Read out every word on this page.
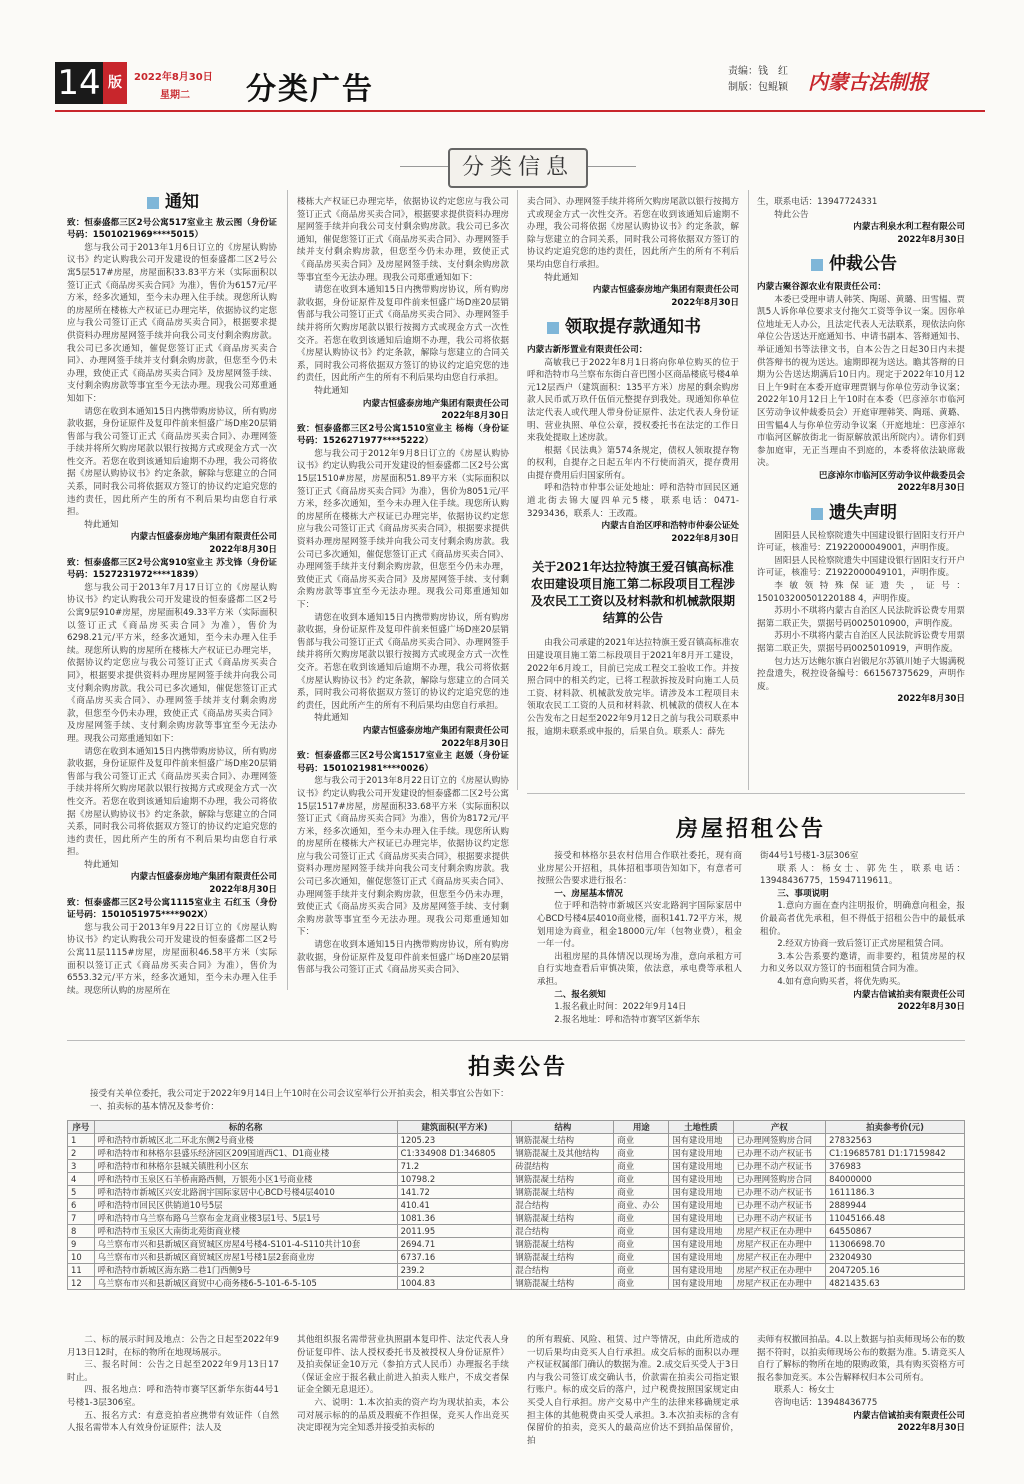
14 版	2022年8月30日
星期二 分类广告
责编：钱　红
制版：包鲲颖 内蒙古法制报
分类信息
通知

致：恒泰盛都三区2号公寓517室业主 敖云图（身份证号码：1501021969****5015）

您与我公司于2013年1月6日订立的《房屋认购协议书》约定认购我公司开发建设的恒泰盛都二区2号公寓5层517#房屋，房屋面积33.83平方米（实际面积以签订正式《商品房买卖合同》为准），售价为6157元/平方米，经多次通知，至今未办理入住手续。现您所认购的房屋所在楼栋大产权证已办理完毕，依据协议约定您应与我公司签订正式《商品房买卖合同》，根据要求提供资料办理房屋网签手续并向我公司支付剩余购房款。我公司已多次通知，催促您签订正式《商品房买卖合同》、办理网签手续并支付剩余购房款，但您至今仍未办理，致使正式《商品房买卖合同》及房屋网签手续、支付剩余购房款等事宜至今无法办理。现我公司郑重通知如下：

请您在收到本通知15日内携带购房协议，所有购房款收据，身份证原件及复印件前来恒盛广场D座20层销售部与我公司签订正式《商品房买卖合同》、办理网签手续并将所欠购房尾款以银行按揭方式或现金方式一次性交齐。若您在收到该通知后逾期不办理，我公司将依据《房屋认购协议书》约定条款，解除与您建立的合同关系，同时我公司将依据双方签订的协议约定追究您的违约责任，因此所产生的所有不利后果均由您自行承担。

特此通知

内蒙古恒盛泰房地产集团有限责任公司

2022年8月30日

致：恒泰盛都三区2号公寓910室业主 苏戈锋（身份证号码：1527231972****1839）

您与我公司于2013年7月17日订立的《房屋认购协议书》约定认购我公司开发建设的恒泰盛都二区2号公寓9层910#房屋，房屋面积49.33平方米（实际面积以签订正式《商品房买卖合同》为准），售价为6298.21元/平方米，经多次通知，至今未办理入住手续。现您所认购的房屋所在楼栋大产权证已办理完毕，依据协议约定您应与我公司签订正式《商品房买卖合同》，根据要求提供资料办理房屋网签手续并向我公司支付剩余购房款。我公司已多次通知，催促您签订正式《商品房买卖合同》、办理网签手续并支付剩余购房款，但您至今仍未办理，致使正式《商品房买卖合同》及房屋网签手续、支付剩余购房款等事宜至今无法办理。现我公司郑重通知如下：

请您在收到本通知15日内携带购房协议，所有购房款收据，身份证原件及复印件前来恒盛广场D座20层销售部与我公司签订正式《商品房买卖合同》、办理网签手续并将所欠购房尾款以银行按揭方式或现金方式一次性交齐。若您在收到该通知后逾期不办理，我公司将依据《房屋认购协议书》约定条款，解除与您建立的合同关系，同时我公司将依据双方签订的协议约定追究您的违约责任，因此所产生的所有不利后果均由您自行承担。

特此通知

内蒙古恒盛泰房地产集团有限责任公司

2022年8月30日

致：恒泰盛都三区2号公寓1115室业主 石红玉（身份证号码：1501051975****902X）

您与我公司于2013年9月22日订立的《房屋认购协议书》约定认购我公司开发建设的恒泰盛都二区2号公寓11层1115#房屋，房屋面积46.58平方米（实际面积以签订正式《商品房买卖合同》为准），售价为6553.32元/平方米，经多次通知，至今未办理入住手续。现您所认购的房屋所在

楼栋大产权证已办理完毕，依据协议约定您应与我公司签订正式《商品房买卖合同》，根据要求提供资料办理房屋网签手续并向我公司支付剩余购房款。我公司已多次通知，催促您签订正式《商品房买卖合同》、办理网签手续并支付剩余购房款，但您至今仍未办理，致使正式《商品房买卖合同》及房屋网签手续、支付剩余购房款等事宜至今无法办理。现我公司郑重通知如下：

请您在收到本通知15日内携带购房协议，所有购房款收据，身份证原件及复印件前来恒盛广场D座20层销售部与我公司签订正式《商品房买卖合同》、办理网签手续并将所欠购房尾款以银行按揭方式或现金方式一次性交齐。若您在收到该通知后逾期不办理，我公司将依据《房屋认购协议书》约定条款，解除与您建立的合同关系，同时我公司将依据双方签订的协议约定追究您的违约责任，因此所产生的所有不利后果均由您自行承担。

特此通知

内蒙古恒盛泰房地产集团有限责任公司

2022年8月30日

致：恒泰盛都三区2号公寓1510室业主 杨梅（身份证号码：1526271977****5222）

您与我公司于2012年9月8日订立的《房屋认购协议书》约定认购我公司开发建设的恒泰盛都二区2号公寓15层1510#房屋，房屋面积51.89平方米（实际面积以签订正式《商品房买卖合同》为准），售价为8051元/平方米，经多次通知，至今未办理入住手续。现您所认购的房屋所在楼栋大产权证已办理完毕，依据协议约定您应与我公司签订正式《商品房买卖合同》，根据要求提供资料办理房屋网签手续并向我公司支付剩余购房款。我公司已多次通知，催促您签订正式《商品房买卖合同》、办理网签手续并支付剩余购房款，但您至今仍未办理，致使正式《商品房买卖合同》及房屋网签手续、支付剩余购房款等事宜至今无法办理。现我公司郑重通知如下：

请您在收到本通知15日内携带购房协议，所有购房款收据，身份证原件及复印件前来恒盛广场D座20层销售部与我公司签订正式《商品房买卖合同》、办理网签手续并将所欠购房尾款以银行按揭方式或现金方式一次性交齐。若您在收到该通知后逾期不办理，我公司将依据《房屋认购协议书》约定条款，解除与您建立的合同关系，同时我公司将依据双方签订的协议约定追究您的违约责任，因此所产生的所有不利后果均由您自行承担。

特此通知

内蒙古恒盛泰房地产集团有限责任公司

2022年8月30日

致：恒泰盛都三区2号公寓1517室业主 赵媛（身份证号码：1501021981****0026）

您与我公司于2013年8月22日订立的《房屋认购协议书》约定认购我公司开发建设的恒泰盛都二区2号公寓15层1517#房屋，房屋面积33.68平方米（实际面积以签订正式《商品房买卖合同》为准），售价为8172元/平方米，经多次通知，至今未办理入住手续。现您所认购的房屋所在楼栋大产权证已办理完毕，依据协议约定您应与我公司签订正式《商品房买卖合同》，根据要求提供资料办理房屋网签手续并向我公司支付剩余购房款。我公司已多次通知，催促您签订正式《商品房买卖合同》、办理网签手续并支付剩余购房款，但您至今仍未办理，致使正式《商品房买卖合同》及房屋网签手续、支付剩余购房款等事宜至今无法办理。现我公司郑重通知如下：

请您在收到本通知15日内携带购房协议，所有购房款收据，身份证原件及复印件前来恒盛广场D座20层销售部与我公司签订正式《商品房买卖合同》、

卖合同》、办理网签手续并将所欠购房尾款以银行按揭方式或现金方式一次性交齐。若您在收到该通知后逾期不办理，我公司将依据《房屋认购协议书》约定条款，解除与您建立的合同关系，同时我公司将依据双方签订的协议约定追究您的违约责任，因此所产生的所有不利后果均由您自行承担。

特此通知

内蒙古恒盛泰房地产集团有限责任公司

2022年8月30日

领取提存款通知书

内蒙古新彤置业有限责任公司：

高敏我已于2022年8月1日将向你单位购买的位于呼和浩特市乌兰察布东街白音巴图小区商品楼底号楼4单元12层西户（建筑面积：135平方米）房屋的剩余购房款人民币贰万玖仟伍佰元整提存到我处。现通知你单位法定代表人或代理人带身份证原件、法定代表人身份证明、营业执照、单位公章，授权委托书在法定的工作日来我处提取上述房款。

根据《民法典》第574条规定，债权人领取提存物的权利，自提存之日起五年内不行使而消灭，提存费用由提存费用后归国家所有。

呼和浩特市仲事公证处地址：呼和浩特市回民区通道北街去锦大厦四单元5楼，联系电话：0471-3293436，联系人：王改霞。

内蒙古自治区呼和浩特市仲泰公证处

2022年8月30日

关于2021年达拉特旗王爱召镇高标准农田建设项目施工第二标段项目工程涉及农民工工资以及材料款和机械款限期结算的公告

由我公司承建的2021年达拉特旗王爱召镇高标准农田建设项目施工第二标段项目于2021年8月开工建设，2022年6月竣工，目前已完成工程交工验收工作。并按照合同中的相关约定，已将工程款拆按及时向施工人员工资、材料款、机械款发放完毕。请涉及本工程项目未领取农民工工资的人员和材料款、机械款的债权人在本公告发布之日起至2022年9月12日之前与我公司联系申报，逾期未联系或申报的，后果自负。联系人：薛先

生，联系电话：13947724331

特此公告

内蒙古利泉水利工程有限公司

2022年8月30日

仲裁公告

内蒙古聚谷源农业有限责任公司：

本委已受理申请人韩笑、陶瑶、黄璐、田雪韫、贾凯5人诉你单位要求支付拖欠工资等争议一案。因你单位地址无人办公，且法定代表人无法联系，现依法向你单位公告送达开庭通知书、申请书副本、答辩通知书、举证通知书等法律文书，自本公告之日起30日内未提供答辩书的视为送达。逾期即视为送达。瞻其答辩的日期为公告送达期满后10日内。现定于2022年10月12日上午9时在本委开庭审理贾钢与你单位劳动争议案；2022年10月12日上午10时在本委（巴彦淖尔市临河区劳动争议仲裁委员会）开庭审理韩笑、陶瑶、黄璐、田雪韫4人与你单位劳动争议案（开庭地址：巴彦淖尔市临河区解放街北一街原解放派出所院内）。请你们到参加庭审，无正当理由不到庭的，本委将依法缺席裁决。

巴彦淖尔市临河区劳动争议仲裁委员会

2022年8月30日

遗失声明

固阳县人民检察院遗失中国建设银行固阳支行开户许可证，核准号：Z1922000049001，声明作废。

固阳县人民检察院遗失中国建设银行固阳支行开户许可证，核准号：Z1922000049101，声明作废。

李敏领特殊保证遗失，证号：150103200501220188 4，声明作废。

苏玥小不琪将内蒙古自治区人民法院诉讼费专用票据第二联正失，票据号码0025010900，声明作废。

苏玥小不琪将内蒙古自治区人民法院诉讼费专用票据第二联正失，票据号码0025010919，声明作废。

包力达万达鲍尔旗白岩锻尼尔苏镇川她子大锡满税控盘遗失，税控设备编号：661567375629，声明作废。

2022年8月30日

房屋招租公告

接受和林格尔县农村信用合作联社委托，现有商业房屋公开招租，具体招租事项告知如下，有意者可按照公告要求进行报名：

一、房屋基本情况

位于呼和浩特市新城区兴安北路润宇国际家居中心BCD号楼4层4010商业楼，面积141.72平方米，规划用途为商业，租金18000元/年（包物业费），租金一年一付。

出租房屋的具体情况以现场为准，意向承租方可自行实地查看后审慎决策，依法意，承电费等承租人承担。

二、报名须知

1.报名截止时间：2022年9月14日

2.报名地址：呼和浩特市赛罕区新华东

街44号1号楼1-3层306室

联系人：杨女士、郭先生，联系电话：13948436775，15947119611。

三、事项说明

1.意向方面在查内注明报价，明确意向租金，报价最高者优先承租，但不得低于招租公告中的最低承租价。

2.经双方协商一致后签订正式房屋租赁合同。

3.本公告系要约邀请，而非要约，租赁房屋的权力和义务以双方签订的书面租赁合同为准。

4.如有意向购买者，将优先购买。

内蒙古信诚拍卖有限责任公司

2022年8月30日

拍卖公告

接受有关单位委托，我公司定于2022年9月14日上午10时在公司会议室举行公开拍卖会，相关事宜公告如下：

一、拍卖标的基本情况及参考价：

序号	标的名称	建筑面积(平方米)	结构	用途	土地性质	产权	拍卖参考价(元)
1	呼和浩特市新城区北二环北东侧2号商业楼	1205.23	钢筋混凝土结构	商业	国有建设用地	已办理网签购房合同	27832563
2	呼和浩特市和林格尔县盛乐经济园区209国道西C1、D1商业楼	C1:334908 D1:346805	钢筋混凝土及其他结构	商业	国有建设用地	已办理不动产权证书	C1:19685781 D1:17159842
3	呼和浩特市和林格尔县城关镇胜利小区东	71.2	砖混结构	商业	国有建设用地	已办理不动产权证书	376983
4	呼和浩特市玉泉区石羊桥南路西侧，万银苑小区1号商业楼	10798.2	钢筋混凝土结构	商业	国有建设用地	已办理网签购房合同	84000000
5	呼和浩特市新城区兴安北路润宇国际家居中心BCD号楼4层4010	141.72	钢筋混凝土结构	商业	国有建设用地	已办理不动产权证书	1611186.3
6	呼和浩特市回民区供销道10号5层	410.41	混合结构	商业、办公	国有建设用地	已办理不动产权证书	2889944
7	呼和浩特市乌兰察布路乌兰察布金龙商业楼3层1号、5层1号	1081.36	钢筋混凝土结构	商业	国有建设用地	已办理不动产权证书	11045166.48
8	呼和浩特市玉泉区大南街北苑街商业楼	2011.95	混合结构	商业	国有建设用地	房屋产权正在办理中	64550867
9	乌兰察布市兴和县新城区商贸城区房屋4号楼4-S101-4-S110共计10套	2694.71	钢筋混凝土结构	商业	国有建设用地	房屋产权正在办理中	11306698.70
10	乌兰察布市兴和县新城区商贸城区房屋1号楼1层2套商业房	6737.16	钢筋混凝土结构	商业	国有建设用地	房屋产权正在办理中	23204930
11	呼和浩特市新城区海东路二巷1门西侧9号	239.2	混合结构	商业	国有建设用地	房屋产权正在办理中	2047205.16
12	乌兰察布市兴和县新城区商贸中心商务楼6-5-101-6-5-105	1004.83	钢筋混凝土结构	商业	国有建设用地	房屋产权正在办理中	4821435.63

二、标的展示时间及地点：公告之日起至2022年9月13日12时，在标的物所在地现场展示。

三、报名时间：公告之日起至2022年9月13日17时止。

四、报名地点：呼和浩特市赛罕区新华东街44号1号楼1-3层306室。

五、报名方式：有意竞拍者应携带有效证件（自然人报名需带本人有效身份证原件；法人及

其他组织报名需带营业执照副本复印件、法定代表人身份证复印件、法人授权委托书及被授权人身份证原件）及拍卖保证金10万元（参拍方式人民币）办理报名手续（保证金应于报名截止前进入拍卖人账户，不成交者保证金全额无息退还）。

六、说明：1.本次拍卖的资产均为现状拍卖，本公司对展示标的的品质及瑕疵不作担保，竞买人作出竞买决定即视为完全知悉并接受拍卖标的

的所有瑕疵、风险、租赁、过户等情况，由此所造成的一切后果均由竞买人自行承担。成交后标的面积以办理产权证权属部门确认的数据为准。2.成交后买受人于3日内与我公司签订成交确认书，价款需在拍卖公司指定银行账户。标的成交后的落户，过户税费按照国家规定由买受人自行承担。房产交易中产生的法律来移确规定承担主体的其他税费由买受人承担。3.本次拍卖标的含有保留价的拍卖，竞买人的最高应价达不到拍品保留价，拍

卖师有权撤回拍品。4.以上数据与拍卖师现场公布的数据不符时，以拍卖师现场公布的数据为准。5.请竞买人自行了解标的物所在地的限购政策，具有购买资格方可报名参加竞买。本公告解释权归本公司所有。

联系人：杨女士

咨询电话：13948436775

内蒙古信诚拍卖有限责任公司

2022年8月30日
